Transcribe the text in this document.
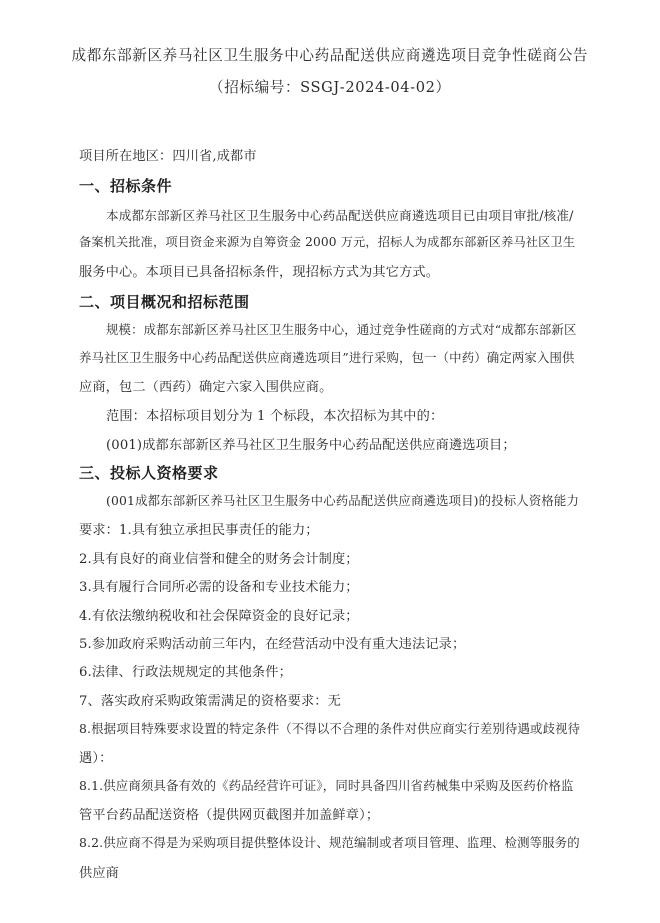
成都东部新区养马社区卫生服务中心药品配送供应商遴选项目竞争性磋商公告
（招标编号：SSGJ-2024-04-02）
项目所在地区：四川省,成都市
一、招标条件
本成都东部新区养马社区卫生服务中心药品配送供应商遴选项目已由项目审批/核准/
备案机关批准，项目资金来源为自筹资金 2000 万元，招标人为成都东部新区养马社区卫生
服务中心。本项目已具备招标条件，现招标方式为其它方式。
二、项目概况和招标范围
规模：成都东部新区养马社区卫生服务中心，通过竞争性磋商的方式对“成都东部新区
养马社区卫生服务中心药品配送供应商遴选项目”进行采购，包一（中药）确定两家入围供
应商，包二（西药）确定六家入围供应商。
范围：本招标项目划分为 1 个标段，本次招标为其中的：
(001)成都东部新区养马社区卫生服务中心药品配送供应商遴选项目；
三、投标人资格要求
(001成都东部新区养马社区卫生服务中心药品配送供应商遴选项目)的投标人资格能力
要求：1.具有独立承担民事责任的能力；
2.具有良好的商业信誉和健全的财务会计制度；
3.具有履行合同所必需的设备和专业技术能力；
4.有依法缴纳税收和社会保障资金的良好记录；
5.参加政府采购活动前三年内，在经营活动中没有重大违法记录；
6.法律、行政法规规定的其他条件；
7、落实政府采购政策需满足的资格要求：无
8.根据项目特殊要求设置的特定条件（不得以不合理的条件对供应商实行差别待遇或歧视待
遇）：
8.1.供应商须具备有效的《药品经营许可证》，同时具备四川省药械集中采购及医药价格监
管平台药品配送资格（提供网页截图并加盖鲜章）；
8.2.供应商不得是为采购项目提供整体设计、规范编制或者项目管理、监理、检测等服务的
供应商
